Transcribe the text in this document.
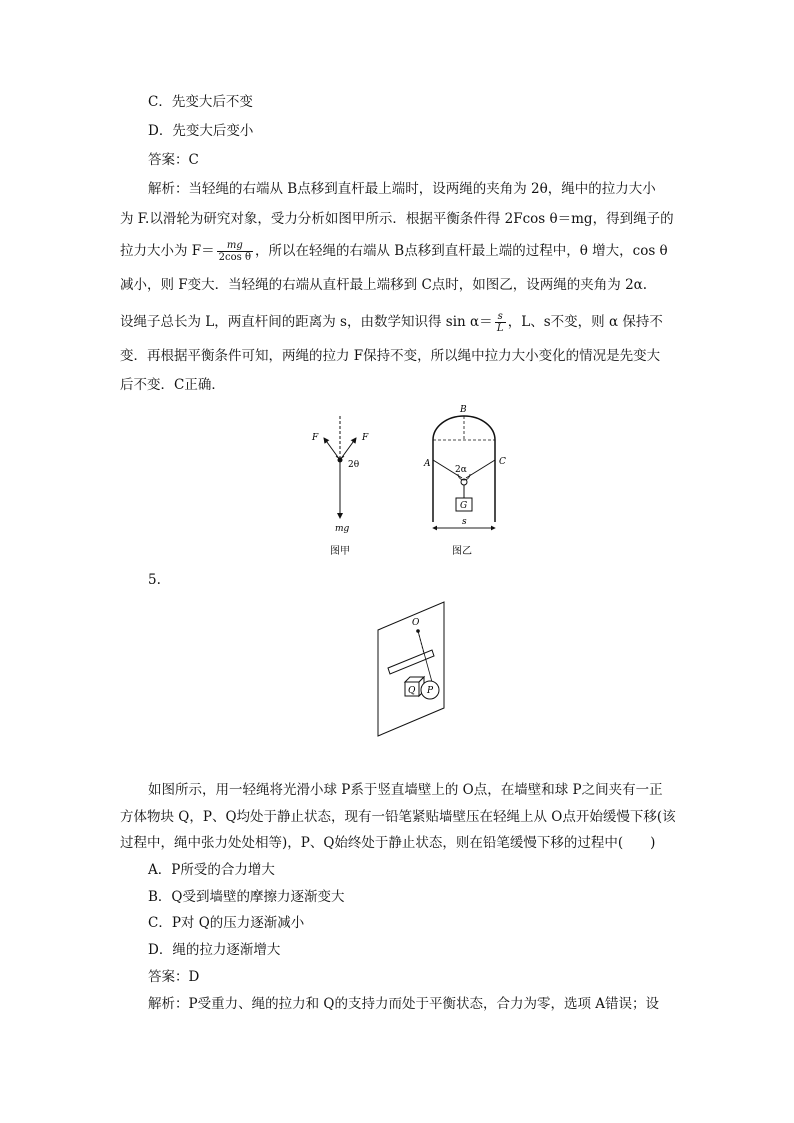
C．先变大后不变
D．先变大后变小
答案：C
解析：当轻绳的右端从 B点移到直杆最上端时，设两绳的夹角为 2θ，绳中的拉力大小
为 F.以滑轮为研究对象，受力分析如图甲所示．根据平衡条件得 2Fcos θ＝mg，得到绳子的
拉力大小为 $F= \frac{mg}{\text{2cos θ}}$ ，所以在轻绳的右端从 B点移到直杆最上端的过程中，θ 增大，cos θ
减小，则 F变大．当轻绳的右端从直杆最上端移到 C点时，如图乙，设两绳的夹角为 2α.
设绳子总长为 L，两直杆间的距离为 s，由数学知识得 $\sin \alpha= \frac{s}{L}$ ，L、s不变，则 α 保持不
变．再根据平衡条件可知，两绳的拉力 F保持不变，所以绳中拉力大小变化的情况是先变大
后不变．C正确．
F	F
2θ
mg
图甲
B
A	C
2α
G
s
图乙
5.
O
Q P
如图所示，用一轻绳将光滑小球 P系于竖直墙壁上的 O点，在墙壁和球 P之间夹有一正
方体物块 Q，P、Q均处于静止状态，现有一铅笔紧贴墙壁压在轻绳上从 O点开始缓慢下移(该
过程中，绳中张力处处相等)，P、Q始终处于静止状态，则在铅笔缓慢下移的过程中(　　)
A．P所受的合力增大
B．Q受到墙壁的摩擦力逐渐变大
C．P对 Q的压力逐渐减小
D．绳的拉力逐渐增大
答案：D
解析：P受重力、绳的拉力和 Q的支持力而处于平衡状态，合力为零，选项 A错误；设
